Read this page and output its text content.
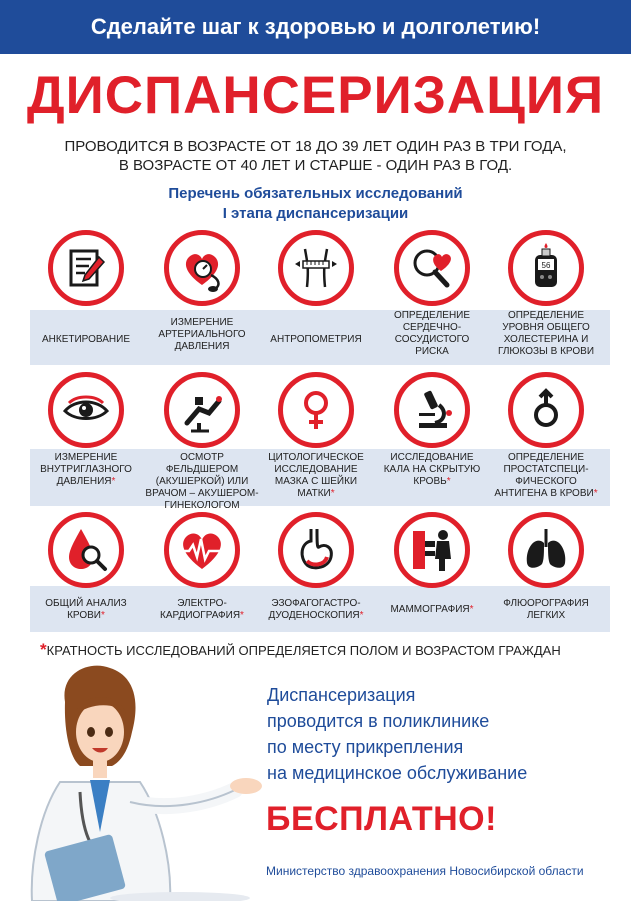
Сделайте шаг к здоровью и долголетию!
ДИСПАНСЕРИЗАЦИЯ
ПРОВОДИТСЯ В ВОЗРАСТЕ ОТ 18 ДО 39 ЛЕТ ОДИН РАЗ В ТРИ ГОДА,
В ВОЗРАСТЕ ОТ 40 ЛЕТ И СТАРШЕ - ОДИН РАЗ В ГОД.
Перечень обязательных исследований
I этапа диспансеризации
АНКЕТИРОВАНИЕ
ИЗМЕРЕНИЕ
АРТЕРИАЛЬНОГО
ДАВЛЕНИЯ
АНТРОПОМЕТРИЯ
ОПРЕДЕЛЕНИЕ
СЕРДЕЧНО-
СОСУДИСТОГО
РИСКА
56
ОПРЕДЕЛЕНИЕ
УРОВНЯ ОБЩЕГО
ХОЛЕСТЕРИНА И
ГЛЮКОЗЫ В КРОВИ
ИЗМЕРЕНИЕ
ВНУТРИГЛАЗНОГО
ДАВЛЕНИЯ*
ОСМОТР ФЕЛЬДШЕРОМ
(АКУШЕРКОЙ) ИЛИ
ВРАЧОМ – АКУШЕРОМ-
ГИНЕКОЛОГОМ
ЦИТОЛОГИЧЕСКОЕ
ИССЛЕДОВАНИЕ
МАЗКА С ШЕЙКИ
МАТКИ*
ИССЛЕДОВАНИЕ
КАЛА НА СКРЫТУЮ
КРОВЬ*
ОПРЕДЕЛЕНИЕ
ПРОСТАТСПЕЦИ-
ФИЧЕСКОГО
АНТИГЕНА В КРОВИ*
ОБЩИЙ АНАЛИЗ
КРОВИ*
ЭЛЕКТРО-
КАРДИОГРАФИЯ*
ЭЗОФАГОГАСТРО-
ДУОДЕНОСКОПИЯ*
МАММОГРАФИЯ*
ФЛЮОРОГРАФИЯ
ЛЕГКИХ
*КРАТНОСТЬ ИССЛЕДОВАНИЙ ОПРЕДЕЛЯЕТСЯ ПОЛОМ И ВОЗРАСТОМ ГРАЖДАН
Диспансеризация
проводится в поликлинике
по месту прикрепления
на медицинское обслуживание
БЕСПЛАТНО!
Министерство здравоохранения Новосибирской области
